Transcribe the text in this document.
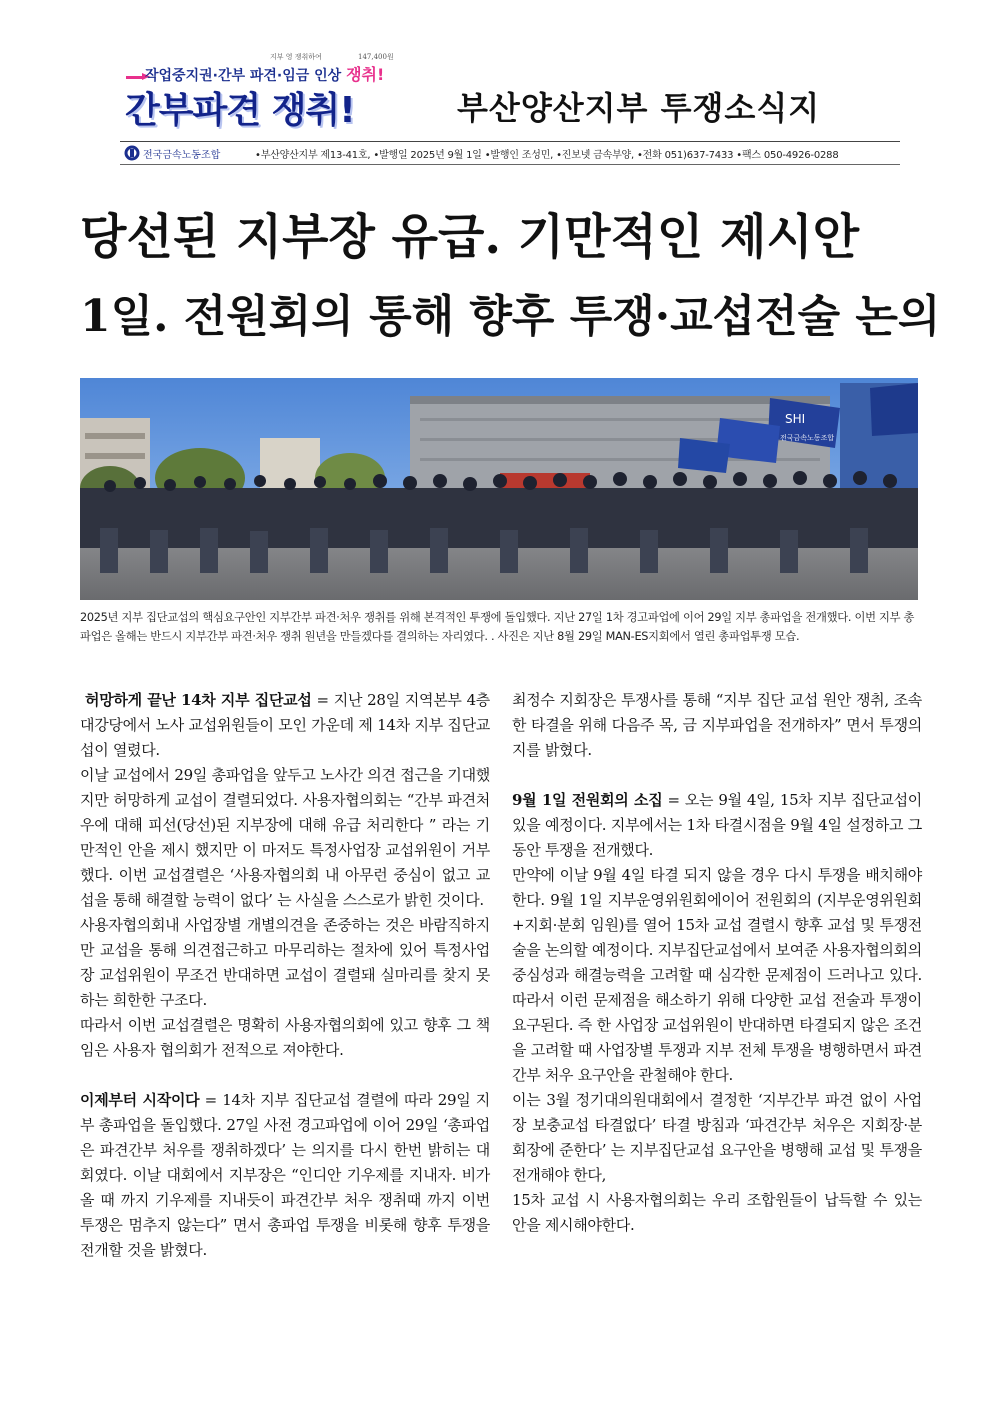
지부 영 쟁취하여	147,400원
작업중지권·간부 파견·임금 인상 쟁취!
간부파견 쟁취!	부산양산지부 투쟁소식지
전국금속노동조합	•부산양산지부 제13-41호, •발행일 2025년 9월 1일 •발행인 조성민, •진보넷 금속부양, •전화 051)637-7433 •팩스 050-4926-0288
당선된 지부장 유급. 기만적인 제시안
1일. 전원회의 통해 향후 투쟁·교섭전술 논의
SHI
전국금속노동조합
2025년 지부 집단교섭의 핵심요구안인 지부간부 파견·처우 쟁취를 위해 본격적인 투쟁에 돌입했다. 지난 27일 1차 경고파업에 이어 29일 지부 총파업을 전개했다. 이번 지부 총파업은 올해는 반드시 지부간부 파견·처우 쟁취 원년을 만들겠다를 결의하는 자리였다. . 사진은 지난 8월 29일 MAN-ES지회에서 열린 총파업투쟁 모습.

허망하게 끝난 14차 지부 집단교섭 = 지난 28일 지역본부 4층 대강당에서 노사 교섭위원들이 모인 가운데 제 14차 지부 집단교섭이 열렸다.

이날 교섭에서 29일 총파업을 앞두고 노사간 의견 접근을 기대했지만 허망하게 교섭이 결렬되었다. 사용자협의회는 “간부 파견처우에 대해 피선(당선)된 지부장에 대해 유급 처리한다 ” 라는 기만적인 안을 제시 했지만 이 마저도 특정사업장 교섭위원이 거부했다. 이번 교섭결렬은 ‘사용자협의회 내 아무런 중심이 없고 교섭을 통해 해결할 능력이 없다’ 는 사실을 스스로가 밝힌 것이다.

사용자협의회내 사업장별 개별의견을 존중하는 것은 바람직하지만 교섭을 통해 의견접근하고 마무리하는 절차에 있어 특정사업장 교섭위원이 무조건 반대하면 교섭이 결렬돼 실마리를 찾지 못하는 희한한 구조다.

따라서 이번 교섭결렬은 명확히 사용자협의회에 있고 향후 그 책임은 사용자 협의회가 전적으로 져야한다.

이제부터 시작이다 = 14차 지부 집단교섭 결렬에 따라 29일 지부 총파업을 돌입했다. 27일 사전 경고파업에 이어 29일 ‘총파업은 파견간부 처우를 쟁취하겠다’ 는 의지를 다시 한번 밝히는 대회였다. 이날 대회에서 지부장은 “인디안 기우제를 지내자. 비가올 때 까지 기우제를 지내듯이 파견간부 처우 쟁취때 까지 이번 투쟁은 멈추지 않는다” 면서 총파업 투쟁을 비롯해 향후 투쟁을 전개할 것을 밝혔다.

최정수 지회장은 투쟁사를 통해 “지부 집단 교섭 원안 쟁취, 조속한 타결을 위해 다음주 목, 금 지부파업을 전개하자” 면서 투쟁의지를 밝혔다.

9월 1일 전원회의 소집 = 오는 9월 4일, 15차 지부 집단교섭이 있을 예정이다. 지부에서는 1차 타결시점을 9월 4일 설정하고 그 동안 투쟁을 전개했다.

만약에 이날 9월 4일 타결 되지 않을 경우 다시 투쟁을 배치해야 한다. 9월 1일 지부운영위원회에이어 전원회의 (지부운영위원회+지회·분회 임원)를 열어 15차 교섭 결렬시 향후 교섭 및 투쟁전술을 논의할 예정이다. 지부집단교섭에서 보여준 사용자협의회의 중심성과 해결능력을 고려할 때 심각한 문제점이 드러나고 있다. 따라서 이런 문제점을 해소하기 위해 다양한 교섭 전술과 투쟁이 요구된다. 즉 한 사업장 교섭위원이 반대하면 타결되지 않은 조건을 고려할 때 사업장별 투쟁과 지부 전체 투쟁을 병행하면서 파견 간부 처우 요구안을 관철해야 한다.

이는 3월 정기대의원대회에서 결정한 ‘지부간부 파견 없이 사업장 보충교섭 타결없다’ 타결 방침과 ‘파견간부 처우은 지회장·분회장에 준한다’ 는 지부집단교섭 요구안을 병행해 교섭 및 투쟁을 전개해야 한다,

15차 교섭 시 사용자협의회는 우리 조합원들이 납득할 수 있는 안을 제시해야한다.
